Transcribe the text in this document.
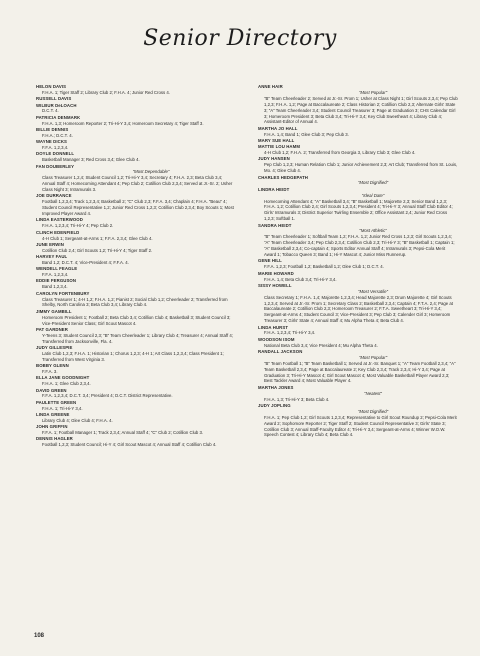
Senior Directory
HELON DAVIS
F.H.A. 1; Tiger Staff 2; Library Club 2; F.H.A. 4; Junior Red Cross 4.
RUSSELL DAVIS
WILBUR DeLOACH
D.C.T. 4.
PATRICIA DENMARK
F.H.A. 1,3; Homeroom Reporter 2; Tri-Hi-Y 3,4; Homeroom Secretary 4; Tiger Staff 3.
BILLIE DENNIS
F.H.A.; D.C.T. 4.
WAYNE DICKS
F.F.A. 1,2,3,4.
DOYLE DONNELL
Basketball Manager 3; Red Cross 3,4; Glee Club 4.
FAN DOUBERLEY
"Most Dependable"
Class Treasurer 1,2,4; Student Council 1,2; Tri-Hi-Y 3,4; Secretary 4; F.H.A. 2,3; Beta Club 3,4; Annual Staff 4; Homecoming Attendant 4; Pep Club 2; Cotillion Club 2,3,4; Served at Jr.-Sr. 2; Usher Class Night 3; Intramurals 3.
JOE DURRANCE
Football 1,2,3,4; Track 1,2,3,4; Basketball 2; "C" Club 2,3; F.F.A. 3,4; Chaplain 4; F.H.A. "Beau" 4; Student Council Representative 1,2; Junior Red Cross 1,2,3; Cotillion Club 2,3,4; Boy Scouts 1; Most Improved Player Award 4.
LINDA EASTERWOOD
F.H.A. 1,2,3,4; Tri-Hi-Y 4; Pep Club 2.
CLINCH EDENFIELD
4-H Club 1; Sergeant-at-Arms 1; F.F.A. 2,3,4; Glee Club 4.
JUNE ERWIN
Cotillion Club 2,4; Girl Scouts 1,2; Tri-Hi-Y 4; Tiger Staff 2.
HARVEY FAUL
Band 1,2; D.C.T. 4; Vice-President 4; F.F.A. 4.
WENDELL FEAGLE
F.F.A. 1,2,3,4.
EDDIE FERGUSON
Band 1,2,3,4.
CAROLYN FORTENBURY
Class Treasurer 1; 4-H 1,2; F.H.A. 1,2; Pianist 2; Social Club 1,2; Cheerleader 2; Transferred from Shelby, North Carolina 3; Beta Club 3,4; Library Club 4.
JIMMY GAMBILL
Homeroom President 1; Football 2; Beta Club 3,4; Cotillion Club 4; Basketball 3; Student Council 3; Vice-President Senior Class; Girl Scout Mascot 4.
PAT GARDNER
Y-Teens 3; Student Council 2,3; "B" Team Cheerleader 1; Library Club 4; Treasurer 4; Annual Staff 4; Transferred from Jacksonville, Fla. 4.
JUDY GILLESPIE
Latin Club 1,2,3; F.H.A. 1; Historian 1; Chorus 1,2,3; 4-H 1; Art Class 1,2,3,4; Class President 1; Transferred from West Virginia 3.
BOBBY GLENN
F.F.A. 3.
ELLA JANE GOODNIGHT
F.H.A. 1; Glee Club 2,3,4.
DAVID GREEN
F.F.A. 1,2,3,4; D.C.T. 3,4; President 4; D.C.T. District Representative.
PAULETTE GREEN
F.H.A. 1; Tri-Hi-Y 3,4.
LINDA GREENE
Library Club 4; Glee Club 4; F.H.A. 4.
JOHN GRIFFIN
F.F.A. 1; Football Manager 1; Track 2,3,4; Annual Staff 4; "C" Club 2; Cotillion Club 3.
DENNIS HAGLER
Football 1,2,3; Student Council; Hi-Y 4; Girl Scout Mascot 4; Annual Staff 4; Cotillion Club 4.
ANNE HAIR
"Most Popular"
"B" Team Cheerleader 2; Served at Jr.-Sr. Prom 1; Usher at Class Night 1; Girl Scouts 2,3,4; Pep Club 1,2,3; F.H.A. 1,2; Page at Baccalaureate 2; Class Historian 2; Cotillion Club 2,3; Alternate Girls' State 3; "A" Team Cheerleader 3,4; Student Council Treasurer 3; Page at Graduation 3; CHS Calendar Girl 3; Homeroom President 3; Beta Club 3,4; Tri-Hi-Y 3,4; Key Club Sweetheart 4; Library Club 4; Assistant-Editor of Annual 4.
MARTHA JO HALL
F.H.A. 1,4; Band 1; Glee Club 3; Pep Club 3.
MARY SUE HALL
MATTIE LOU HAMM
4-H Club 1,2; F.H.A. 2; Transferred from Georgia 3, Library Club 3; Glee Club 4.
JUDY HANSEN
Pep Club 1,2,3; Human Relation Club 1; Junior Achievement 2,3; Art Club; Transferred from St. Louis, Mo. 4; Glee Club 4.
CHARLES HEDGEPATH
"Most Dignified"
LINDRA HEIDT
"Ideal Date"
Homecoming Attendant 4; "A" Basketball 3,4; "B" Basketball 1; Majorette 2,3; Senior Band 1,2,3; F.H.A. 1,2; Cotillion Club 2,4; Girl Scouts 1,2,3,4; President 4; Tri-Hi-Y 3; Annual Staff Club Editor 4; Girls' Intramurals 3; District Superior Twirling Ensemble 2; Office Assistant 2,4; Junior Red Cross 1,2,3; Softball 1.
SANDRA HEIDT
"Most Athletic"
"B" Team Cheerleader 1; Softball Team 1,2; F.H.A. 1,2; Junior Red Cross 1,2,3; Girl Scouts 1,2,3,4; "A" Team Cheerleader 3,4; Pep Club 2,3,4; Cotillion Club 2,3; Tri-Hi-Y 3; "B" Basketball 1; Captain 1; "A" Basketball 2,3,4; Co-captain 4; Sports Editor Annual Staff 4; Intramurals 3; Pepsi-Cola Merit Award 1; Tobacco Queen 3; Band 1; Hi-Y Mascot 4; Junior Miss Runnerup.
GENE HILL
F.F.A. 1,2,3; Football 1,2; Basketball 1,2; Glee Club 1; D.C.T. 4.
MARIE HOWARD
F.H.A. 1,4; Beta Club 3,4; Tri-Hi-Y 3,4.
SISSY HOWELL
"Most Versatile"
Class Secretary 1; F.H.A. 1,4; Majorette 1,2,3,4; Head Majorette 2,3; Drum Majorette 4; Girl Scouts 1,2,3,4; Served at Jr.-Sr. Prom 1; Secretary Class 2; Basketball 2,3,4; Captain 4; F.T.A. 2,4; Page at Baccalaureate 2; Cotillion Club 2,3; Homeroom Treasurer 2; F.T.A. Sweetheart 3; Tri-Hi-Y 3,4; Sergeant-at-Arms 4; Student Council 3; Vice-President 3; Pep Club 3; Calender Girl 3; Homeroom Treasurer 3; Girls' State 4; Annual Staff 4; Mu Alpha Theta 4; Beta Club 4.
LINDA HURST
F.H.A. 1,2,3,4; Tri-Hi-Y 3,4.
WOODSON ISOM
National Beta Club 3,4; Vice President 4; Mu Alpha Theta 4.
RANDALL JACKSON
"Most Popular"
"B" Team Football 1; "B" Team Basketball 1; Served at Jr.-Sr. Banquet 1; "A" Team Football 2,3,4; "A" Team Basketball 2,3,4; Page at Baccalaureate 2; Key Club 2,3,4; Track 2,3,4; Hi-Y 3,4; Page at Graduation 3; Tri-Hi-Y Mascot 4; Girl Scout Mascot 4; Most Valuable Basketball Player Award 2,3; Best Tackler Award 4; Most Valuable Player 4.
MARTHA JONES
"Neatest"
F.H.A. 1,3; Tri-Hi-Y 3; Beta Club 4.
JUDY JOPLING
"Most Dignified"
F.H.A. 1; Pep Club 1,2; Girl Scouts 1,2,3,4; Representative to Girl Scout Roundup 2; Pepsi-Cola Merit Award 2; Sophomore Reporter 2; Tiger Staff 2; Student Council Representative 3; Girls' State 3; Cotillion Club 3; Annual Staff-Faculty Editor 4; Tri-Hi-Y 3,4; Sergeant-at-Arms 4; Winner W.O.W. Speech Contest 4; Library Club 4; Beta Club 4.
108
